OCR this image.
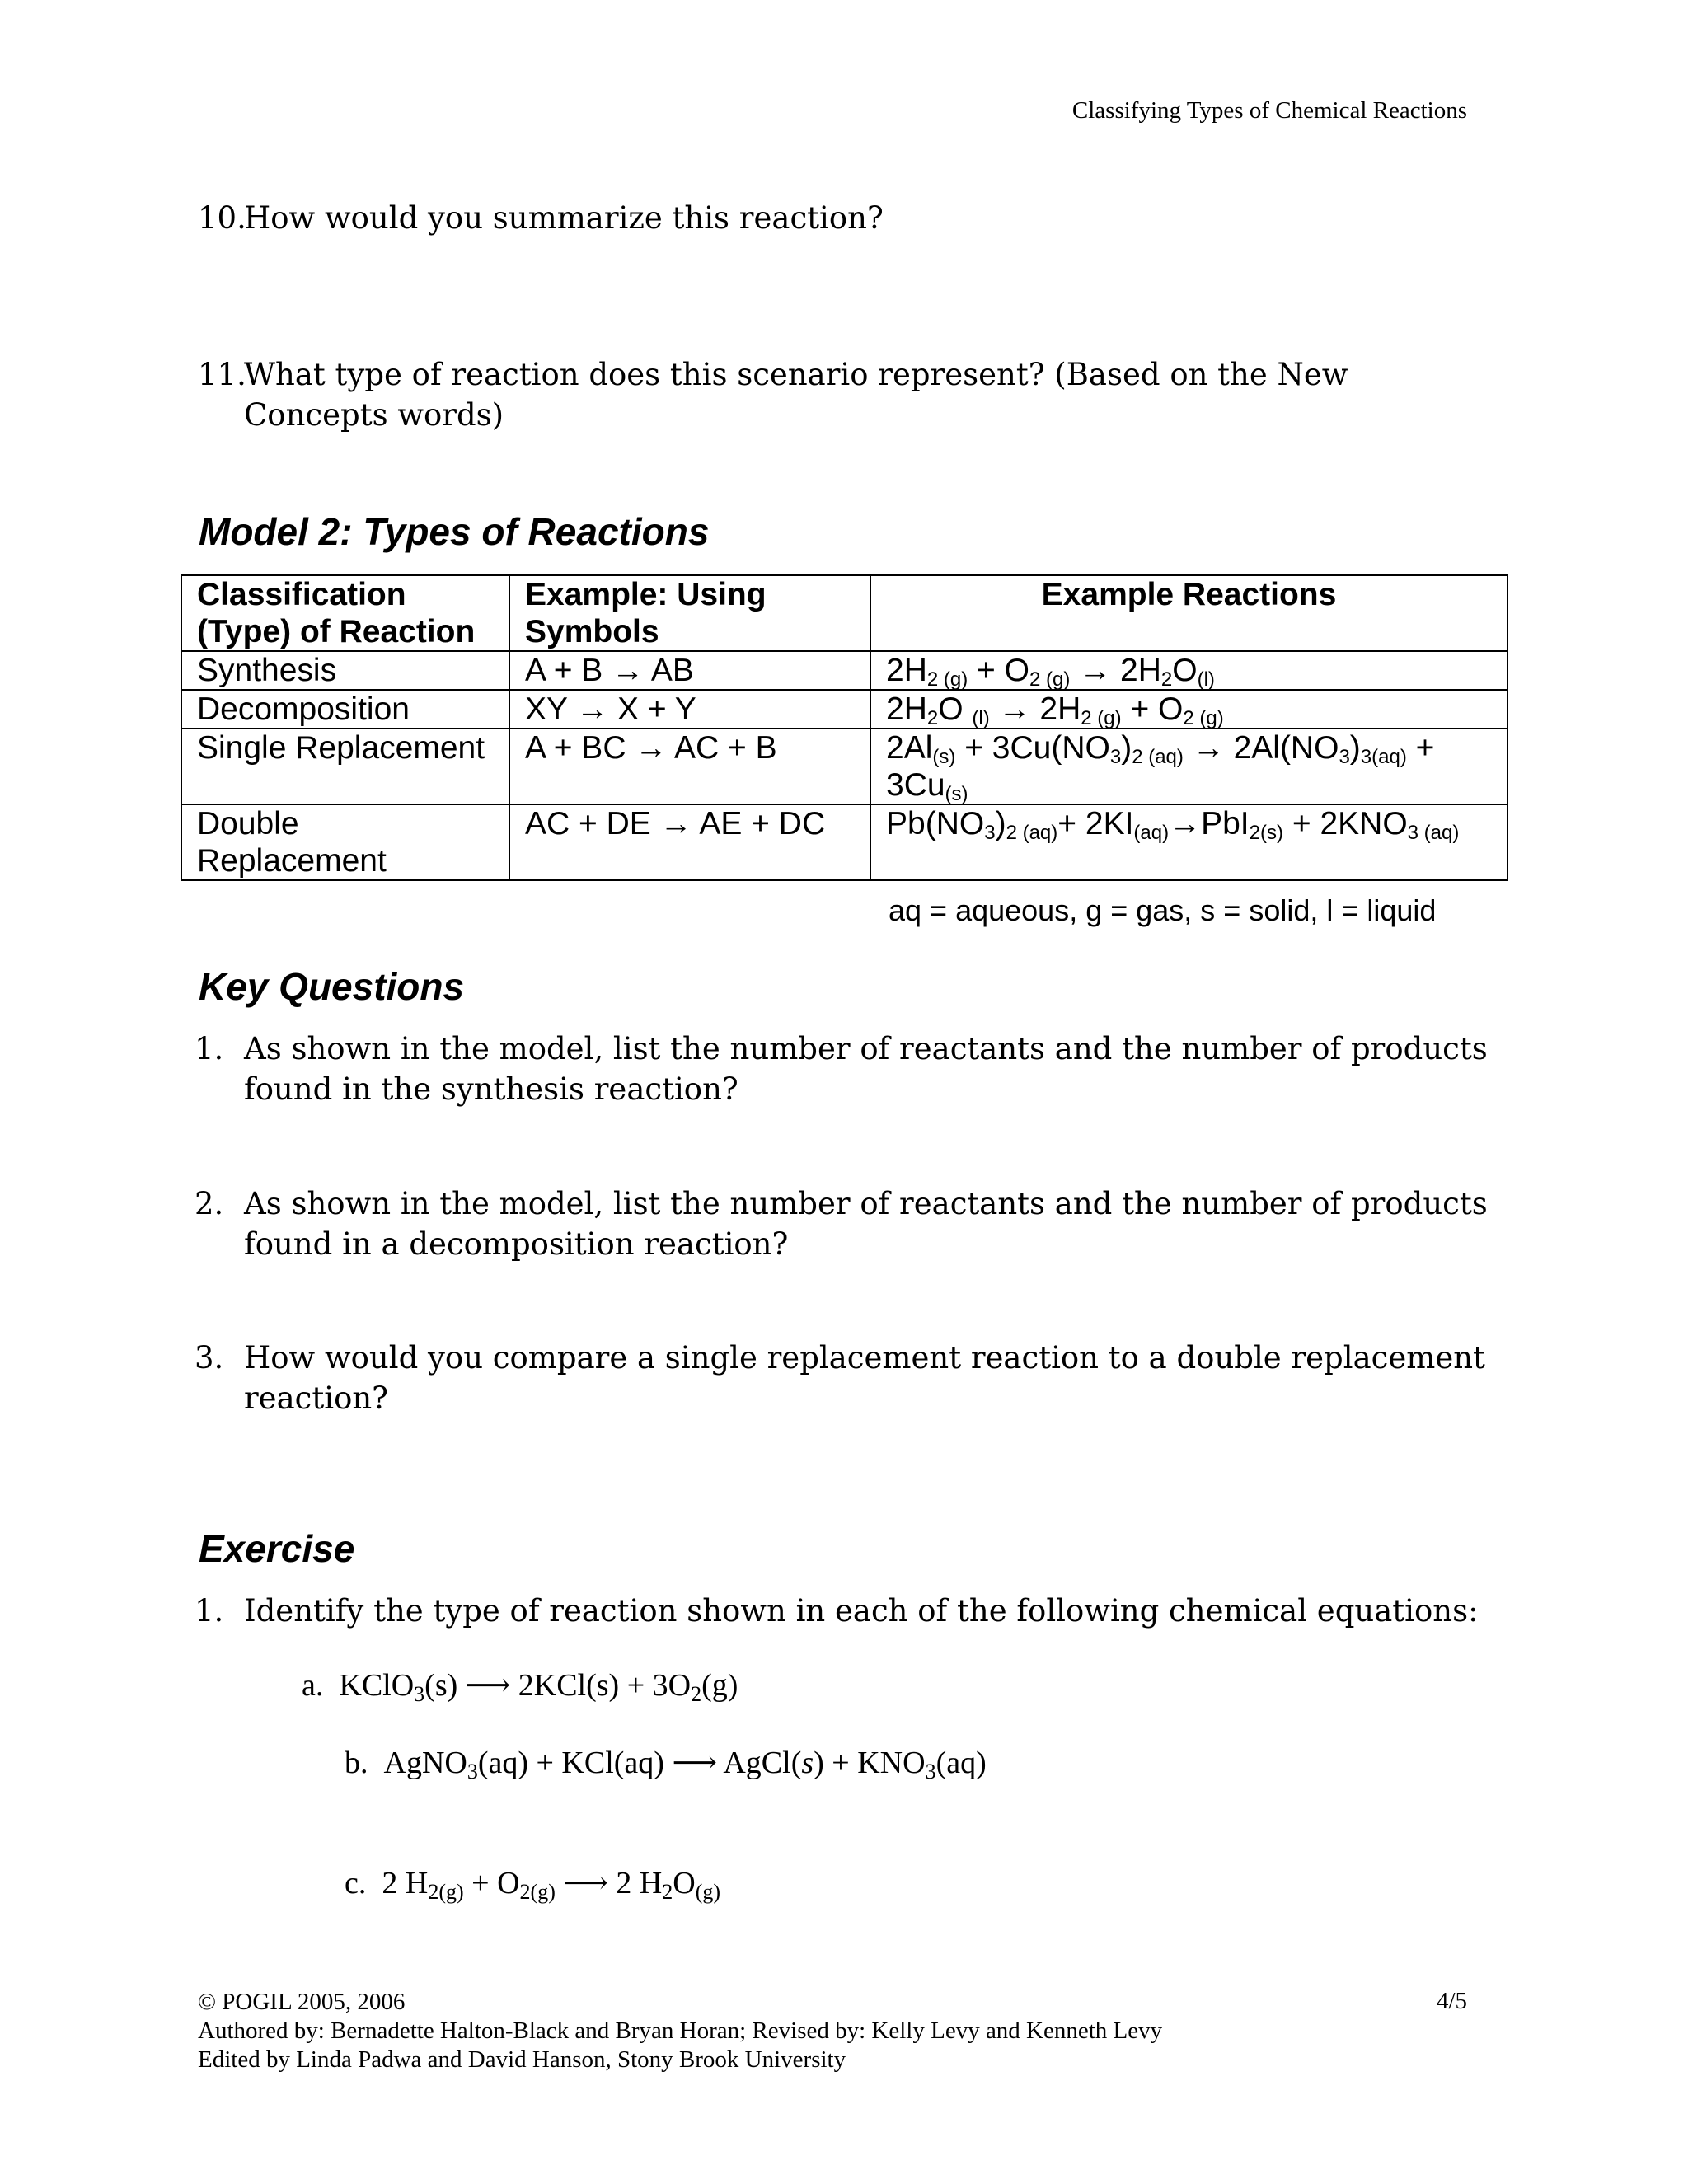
Classifying Types of Chemical Reactions
10.
How would you summarize this reaction?
11.
What type of reaction does this scenario represent? (Based on the New Concepts words)
Model 2: Types of Reactions
Classification (Type) of Reaction	Example: Using Symbols	Example Reactions
Synthesis	A + B → AB	$2H_{2 (g)} + O_{2 (g)} \to 2H_2O_{(l)}$
Decomposition	XY → X + Y	$2H_2O$ $_{(l)} \to 2H_{2 (g)} + O_{2 (g)}$
Single Replacement	A + BC → AC + B	$2Al_{(s)} + 3Cu(NO_3)_{2 (aq)} \to 2Al(NO_3)_{3(aq)} + 3Cu_{(s)}$
Double Replacement	AC + DE → AE + DC	$Pb(NO_3)_{2 (aq)}+ 2KI_{(aq)}\to PbI_{2(s)} + 2KNO_{3 (aq)}$
aq = aqueous, g = gas, s = solid, l = liquid
Key Questions
1. As shown in the model, list the number of reactants and the number of products found in the synthesis reaction?
2. As shown in the model, list the number of reactants and the number of products found in a decomposition reaction?
3. How would you compare a single replacement reaction to a double replacement reaction?
Exercise
1. Identify the type of reaction shown in each of the following chemical equations:
a. KClO$_3$(s) ⟶ $2KCl(s) + 3O_2(g)$
b. AgNO$_3$(aq) + KCl(aq) ⟶ AgCl(s) + $KNO_3(aq)$
c. 2 $H_{2(g)} + O_{2(g)}$ ⟶ 2 $H_2O_{(g)}$
© POGIL 2005, 2006
Authored by: Bernadette Halton-Black and Bryan Horan; Revised by: Kelly Levy and Kenneth Levy
Edited by Linda Padwa and David Hanson, Stony Brook University
4/5
